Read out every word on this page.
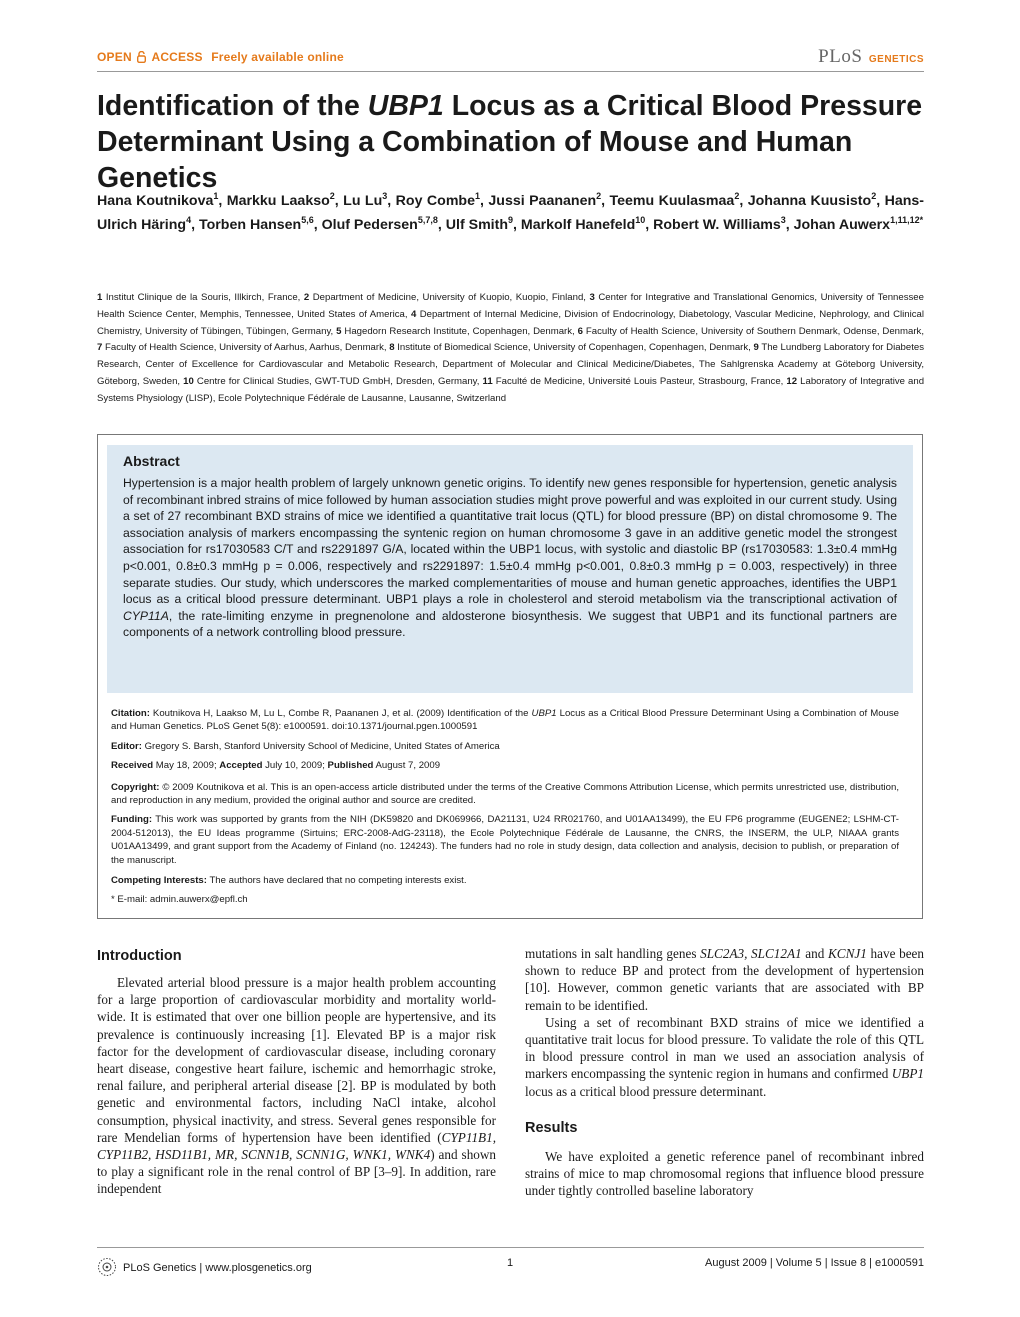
OPEN ACCESS Freely available online	PLoS GENETICS
Identification of the UBP1 Locus as a Critical Blood Pressure Determinant Using a Combination of Mouse and Human Genetics
Hana Koutnikova$^1$, Markku Laakso$^2$, Lu Lu$^3$, Roy Combe$^1$, Jussi Paananen$^2$, Teemu Kuulasmaa$^2$, Johanna Kuusisto$^2$, Hans-Ulrich Häring$^4$, Torben Hansen$^{5,6}$, Oluf Pedersen$^{5,7,8}$, Ulf Smith$^9$, Markolf Hanefeld$^{10}$, Robert W. Williams$^3$, Johan Auwerx$^{1,11,12*}$
1 Institut Clinique de la Souris, Illkirch, France, 2 Department of Medicine, University of Kuopio, Kuopio, Finland, 3 Center for Integrative and Translational Genomics, University of Tennessee Health Science Center, Memphis, Tennessee, United States of America, 4 Department of Internal Medicine, Division of Endocrinology, Diabetology, Vascular Medicine, Nephrology, and Clinical Chemistry, University of Tübingen, Tübingen, Germany, 5 Hagedorn Research Institute, Copenhagen, Denmark, 6 Faculty of Health Science, University of Southern Denmark, Odense, Denmark, 7 Faculty of Health Science, University of Aarhus, Aarhus, Denmark, 8 Institute of Biomedical Science, University of Copenhagen, Copenhagen, Denmark, 9 The Lundberg Laboratory for Diabetes Research, Center of Excellence for Cardiovascular and Metabolic Research, Department of Molecular and Clinical Medicine/Diabetes, The Sahlgrenska Academy at Göteborg University, Göteborg, Sweden, 10 Centre for Clinical Studies, GWT-TUD GmbH, Dresden, Germany, 11 Faculté de Medicine, Université Louis Pasteur, Strasbourg, France, 12 Laboratory of Integrative and Systems Physiology (LISP), Ecole Polytechnique Fédérale de Lausanne, Lausanne, Switzerland
Abstract
Hypertension is a major health problem of largely unknown genetic origins. To identify new genes responsible for hypertension, genetic analysis of recombinant inbred strains of mice followed by human association studies might prove powerful and was exploited in our current study. Using a set of 27 recombinant BXD strains of mice we identified a quantitative trait locus (QTL) for blood pressure (BP) on distal chromosome 9. The association analysis of markers encompassing the syntenic region on human chromosome 3 gave in an additive genetic model the strongest association for rs17030583 C/T and rs2291897 G/A, located within the UBP1 locus, with systolic and diastolic BP (rs17030583: 1.3±0.4 mmHg p<0.001, 0.8±0.3 mmHg p = 0.006, respectively and rs2291897: 1.5±0.4 mmHg p<0.001, 0.8±0.3 mmHg p = 0.003, respectively) in three separate studies. Our study, which underscores the marked complementarities of mouse and human genetic approaches, identifies the UBP1 locus as a critical blood pressure determinant. UBP1 plays a role in cholesterol and steroid metabolism via the transcriptional activation of CYP11A, the rate-limiting enzyme in pregnenolone and aldosterone biosynthesis. We suggest that UBP1 and its functional partners are components of a network controlling blood pressure.

Citation: Koutnikova H, Laakso M, Lu L, Combe R, Paananen J, et al. (2009) Identification of the UBP1 Locus as a Critical Blood Pressure Determinant Using a Combination of Mouse and Human Genetics. PLoS Genet 5(8): e1000591. doi:10.1371/journal.pgen.1000591

Editor: Gregory S. Barsh, Stanford University School of Medicine, United States of America

Received May 18, 2009; Accepted July 10, 2009; Published August 7, 2009

Copyright: © 2009 Koutnikova et al. This is an open-access article distributed under the terms of the Creative Commons Attribution License, which permits unrestricted use, distribution, and reproduction in any medium, provided the original author and source are credited.

Funding: This work was supported by grants from the NIH (DK59820 and DK069966, DA21131, U24 RR021760, and U01AA13499), the EU FP6 programme (EUGENE2; LSHM-CT-2004-512013), the EU Ideas programme (Sirtuins; ERC-2008-AdG-23118), the Ecole Polytechnique Fédérale de Lausanne, the CNRS, the INSERM, the ULP, NIAAA grants U01AA13499, and grant support from the Academy of Finland (no. 124243). The funders had no role in study design, data collection and analysis, decision to publish, or preparation of the manuscript.

Competing Interests: The authors have declared that no competing interests exist.

* E-mail: admin.auwerx@epfl.ch

Introduction

Elevated arterial blood pressure is a major health problem accounting for a large proportion of cardiovascular morbidity and mortality world-wide. It is estimated that over one billion people are hypertensive, and its prevalence is continuously increasing [1]. Elevated BP is a major risk factor for the development of cardiovascular disease, including coronary heart disease, congestive heart failure, ischemic and hemorrhagic stroke, renal failure, and peripheral arterial disease [2]. BP is modulated by both genetic and environmental factors, including NaCl intake, alcohol consumption, physical inactivity, and stress. Several genes responsible for rare Mendelian forms of hypertension have been identified (CYP11B1, CYP11B2, HSD11B1, MR, SCNN1B, SCNN1G, WNK1, WNK4) and shown to play a significant role in the renal control of BP [3–9]. In addition, rare independent

mutations in salt handling genes SLC2A3, SLC12A1 and KCNJ1 have been shown to reduce BP and protect from the development of hypertension [10]. However, common genetic variants that are associated with BP remain to be identified.

Using a set of recombinant BXD strains of mice we identified a quantitative trait locus for blood pressure. To validate the role of this QTL in blood pressure control in man we used an association analysis of markers encompassing the syntenic region in humans and confirmed UBP1 locus as a critical blood pressure determinant.

Results

We have exploited a genetic reference panel of recombinant inbred strains of mice to map chromosomal regions that influence blood pressure under tightly controlled baseline laboratory

PLoS Genetics | www.plosgenetics.org	1	August 2009 | Volume 5 | Issue 8 | e1000591
